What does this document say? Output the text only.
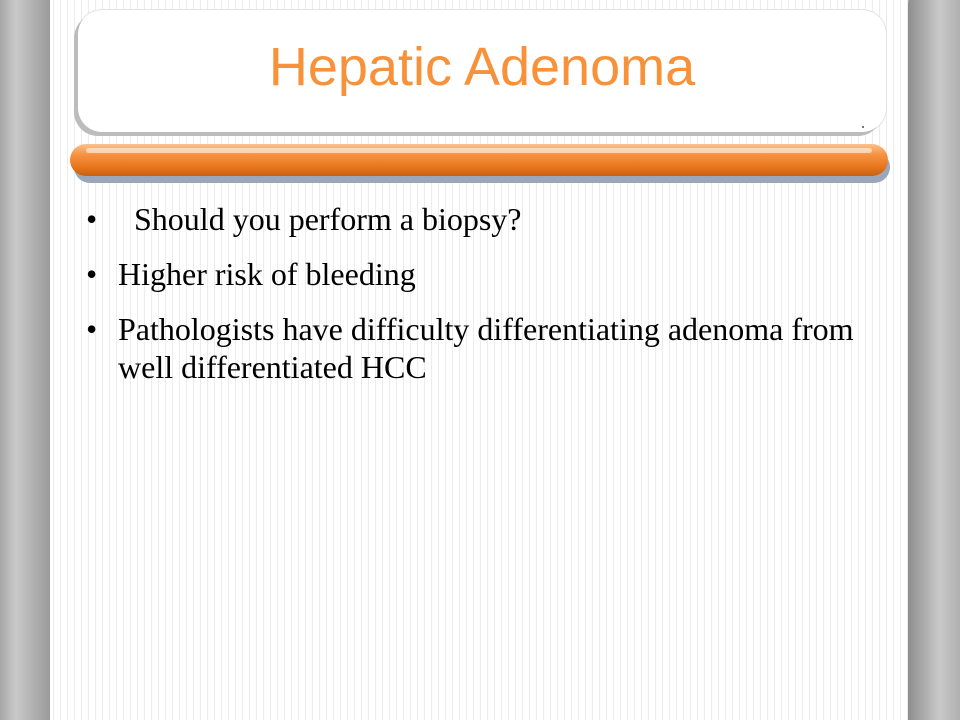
Hepatic Adenoma
• Should you perform a biopsy?
• Higher risk of bleeding
• Pathologists have difficulty differentiating adenoma from well differentiated HCC
